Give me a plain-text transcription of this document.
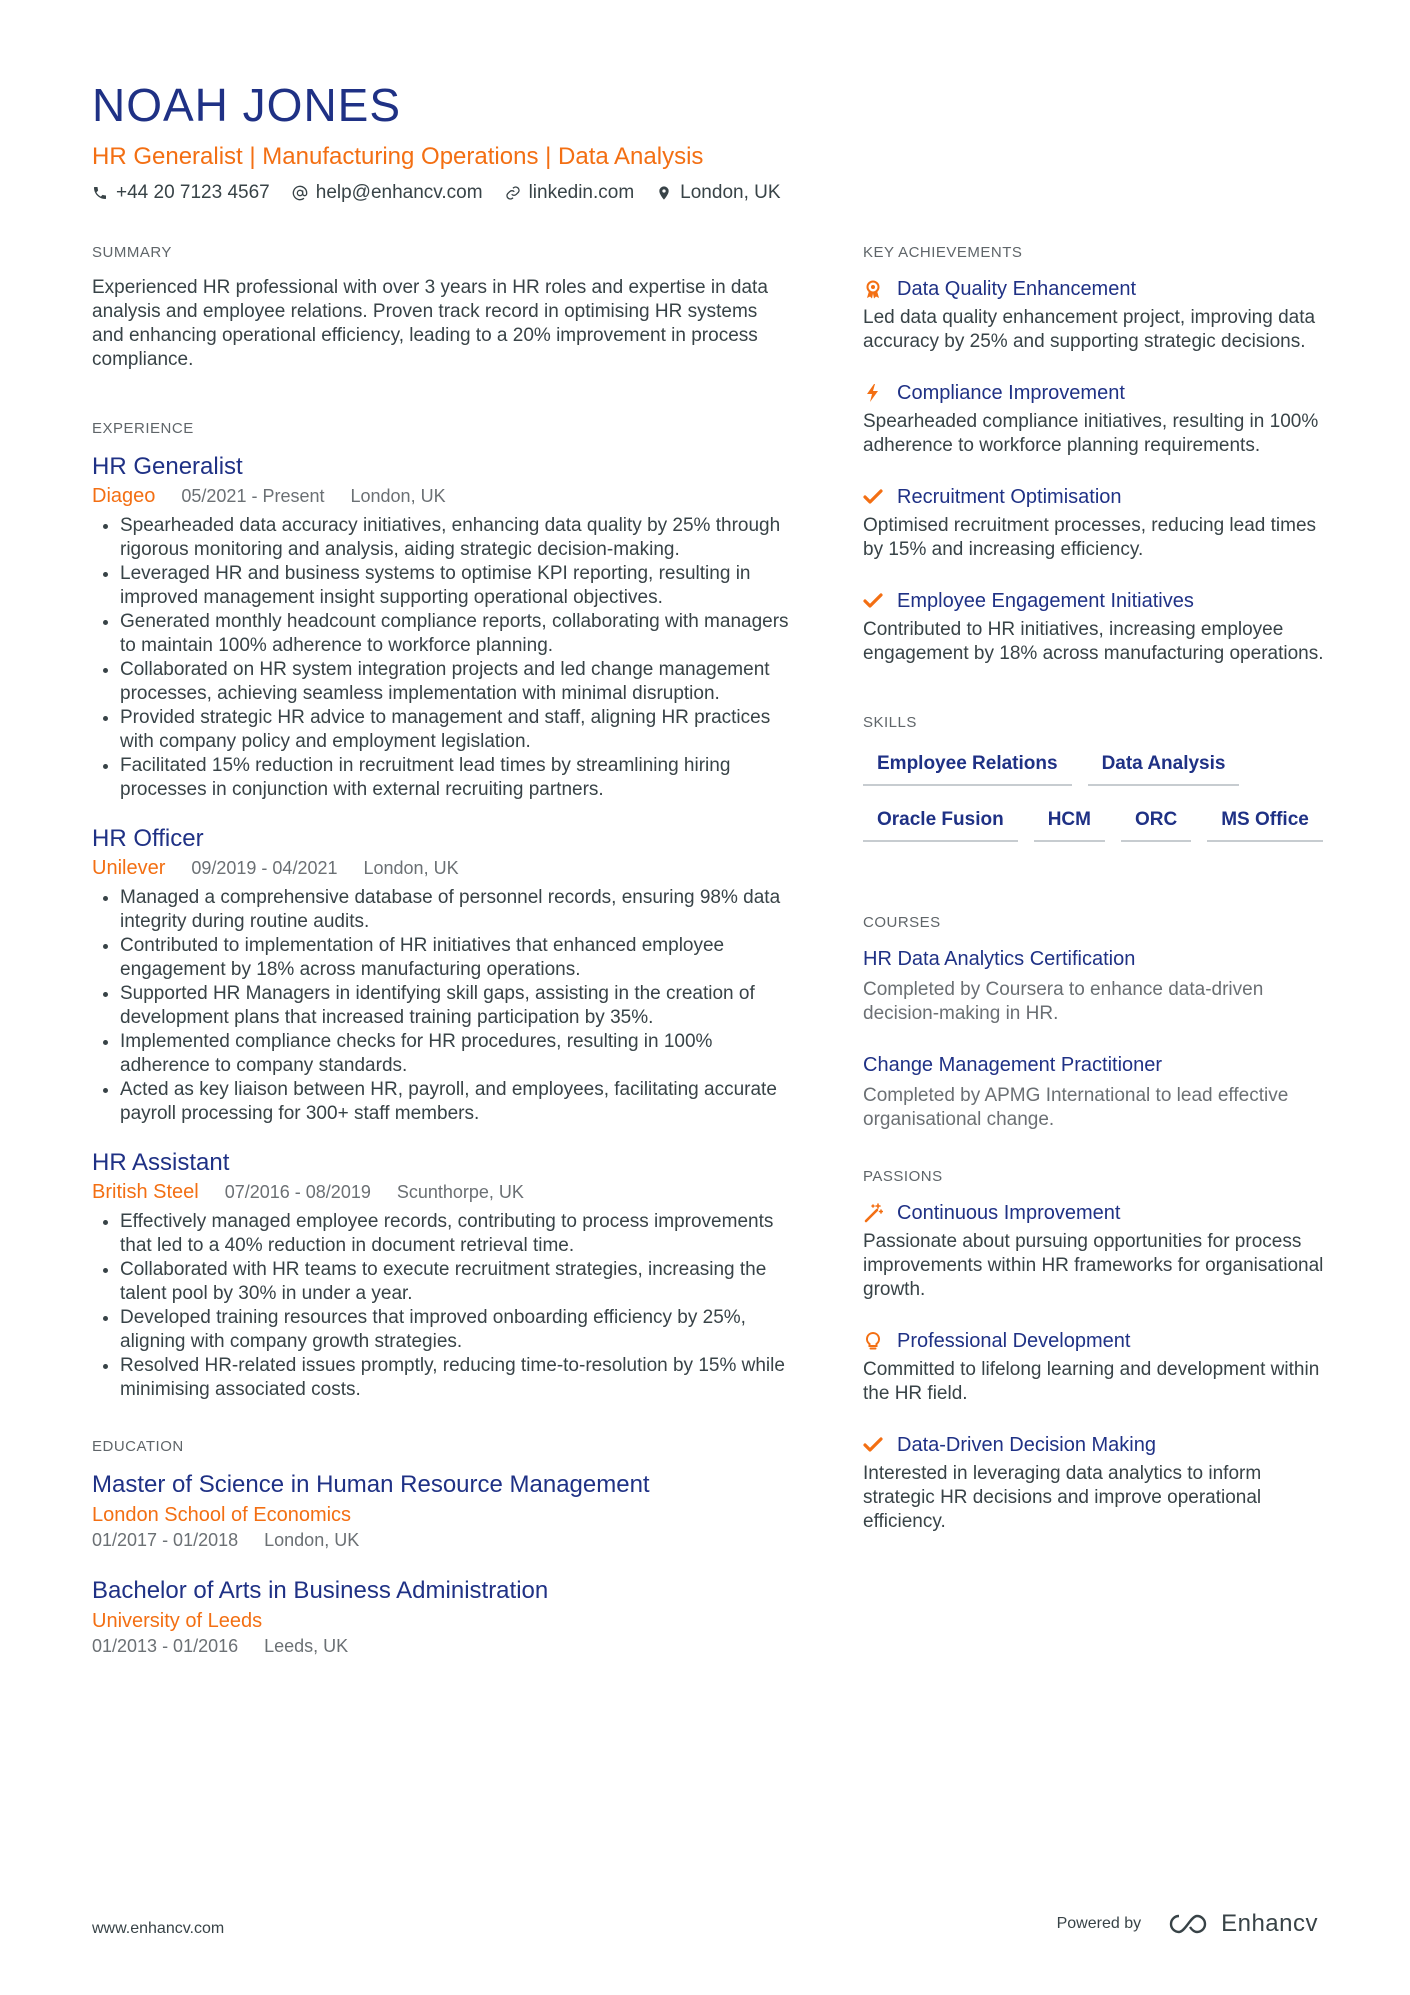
NOAH JONES
HR Generalist | Manufacturing Operations | Data Analysis
+44 20 7123 4567 help@enhancv.com linkedin.com London, UK
SUMMARY

Experienced HR professional with over 3 years in HR roles and expertise in data analysis and employee relations. Proven track record in optimising HR systems and enhancing operational efficiency, leading to a 20% improvement in process compliance.

EXPERIENCE
HR Generalist
Diageo 05/2021 - Present London, UK
• Spearheaded data accuracy initiatives, enhancing data quality by 25% through rigorous monitoring and analysis, aiding strategic decision-making.
• Leveraged HR and business systems to optimise KPI reporting, resulting in improved management insight supporting operational objectives.
• Generated monthly headcount compliance reports, collaborating with managers to maintain 100% adherence to workforce planning.
• Collaborated on HR system integration projects and led change management processes, achieving seamless implementation with minimal disruption.
• Provided strategic HR advice to management and staff, aligning HR practices with company policy and employment legislation.
• Facilitated 15% reduction in recruitment lead times by streamlining hiring processes in conjunction with external recruiting partners.
HR Officer
Unilever 09/2019 - 04/2021 London, UK
• Managed a comprehensive database of personnel records, ensuring 98% data integrity during routine audits.
• Contributed to implementation of HR initiatives that enhanced employee engagement by 18% across manufacturing operations.
• Supported HR Managers in identifying skill gaps, assisting in the creation of development plans that increased training participation by 35%.
• Implemented compliance checks for HR procedures, resulting in 100% adherence to company standards.
• Acted as key liaison between HR, payroll, and employees, facilitating accurate payroll processing for 300+ staff members.
HR Assistant
British Steel 07/2016 - 08/2019 Scunthorpe, UK
• Effectively managed employee records, contributing to process improvements that led to a 40% reduction in document retrieval time.
• Collaborated with HR teams to execute recruitment strategies, increasing the talent pool by 30% in under a year.
• Developed training resources that improved onboarding efficiency by 25%, aligning with company growth strategies.
• Resolved HR-related issues promptly, reducing time-to-resolution by 15% while minimising associated costs.
EDUCATION
Master of Science in Human Resource Management
London School of Economics
01/2017 - 01/2018 London, UK
Bachelor of Arts in Business Administration
University of Leeds
01/2013 - 01/2016 Leeds, UK
KEY ACHIEVEMENTS
Data Quality Enhancement
Led data quality enhancement project, improving data accuracy by 25% and supporting strategic decisions.
Compliance Improvement
Spearheaded compliance initiatives, resulting in 100% adherence to workforce planning requirements.
Recruitment Optimisation
Optimised recruitment processes, reducing lead times by 15% and increasing efficiency.
Employee Engagement Initiatives
Contributed to HR initiatives, increasing employee engagement by 18% across manufacturing operations.
SKILLS
Employee Relations	Data Analysis
Oracle Fusion	HCM	ORC	MS Office
COURSES
HR Data Analytics Certification
Completed by Coursera to enhance data-driven decision-making in HR.
Change Management Practitioner
Completed by APMG International to lead effective organisational change.
PASSIONS
Continuous Improvement
Passionate about pursuing opportunities for process improvements within HR frameworks for organisational growth.
Professional Development
Committed to lifelong learning and development within the HR field.
Data-Driven Decision Making
Interested in leveraging data analytics to inform strategic HR decisions and improve operational efficiency.
www.enhancv.com	Powered by	Enhancv
